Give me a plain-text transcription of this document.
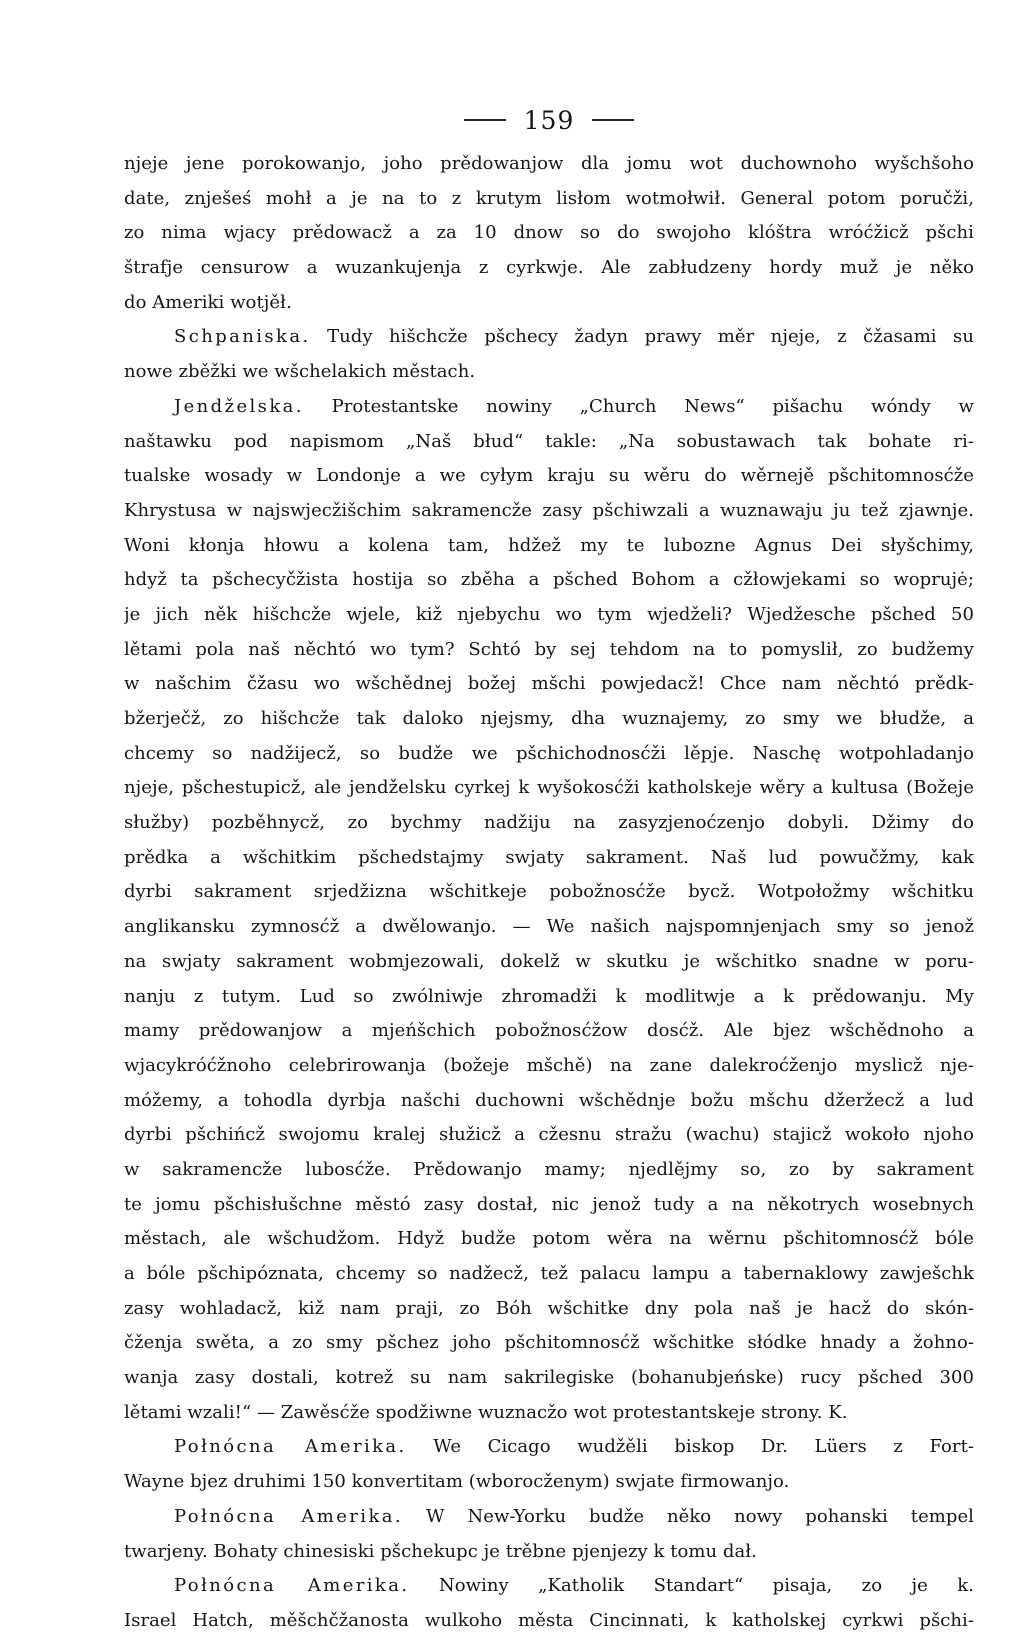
159
njeje jene porokowanjo, joho prědowanjow dla jomu wot duchownoho wyšchšoho
date, znješeś mohł a je na to z krutym lisłom wotmołwił. General potom poručži,
zo nima wjacy prědowacž a za 10 dnow so do swojoho klóštra wróćžicž pšchi
štrafje censurow a wuzankujenja z cyrkwje. Ale zabłudzeny hordy muž je něko
do Ameriki wotjěł.
Schpaniska. Tudy hišchcže pšchecy žadyn prawy měr njeje, z čžasami su
nowe zběžki we wšchelakich městach.
Jendželska. Protestantske nowiny „Church News“ pišachu wóndy w
naštawku pod napismom „Naš błud“ takle: „Na sobustawach tak bohate ri-
tualske wosady w Londonje a we cyłym kraju su wěru do wěrnejě pšchitomnosćže
Khrystusa w najswjecžišchim sakramencže zasy pšchiwzali a wuznawaju ju tež zjawnje.
Woni kłonja hłowu a kolena tam, hdžež my te lubozne Agnus Dei słyšchimy,
hdyž ta pšchecyčžista hostija so zběha a pšched Bohom a cžłowjekami so woprujė;
je jich něk hišchcže wjele, kiž njebychu wo tym wjedželi? Wjedžesche pšched 50
lětami pola naš něchtó wo tym? Schtó by sej tehdom na to pomyslił, zo budžemy
w našchim čžasu wo wšchědnej božej mšchi powjedacž! Chce nam něchtó prědk-
bžerječž, zo hišchcže tak daloko njejsmy, dha wuznajemy, zo smy we błudže, a
chcemy so nadžijecž, so budže we pšchichodnosćži lěpje. Naschę wotpohladanjo
njeje, pšchestupicž, ale jendželsku cyrkej k wyšokosćži katholskeje wěry a kultusa (Božeje
słužby) pozběhnycž, zo bychmy nadžiju na zasyzjenoćzenjo dobyli. Džimy do
prědka a wšchitkim pšchedstajmy swjaty sakrament. Naš lud powučžmy, kak
dyrbi sakrament srjedžizna wšchitkeje pobožnosćže bycž. Wotpołožmy wšchitku
anglikansku zymnosćž a dwělowanjo. — We našich najspomnjenjach smy so jenož
na swjaty sakrament wobmjezowali, dokelž w skutku je wšchitko snadne w poru-
nanju z tutym. Lud so zwólniwje zhromadži k modlitwje a k prědowanju. My
mamy prědowanjow a mjeńšchich pobožnosćžow dosćž. Ale bjez wšchědnoho a
wjacykróćžnoho celebrirowanja (božeje mšchě) na zane dalekroćženjo myslicž nje-
móžemy, a tohodla dyrbja našchi duchowni wšchědnje božu mšchu džeržecž a lud
dyrbi pšchińcž swojomu kralej słužicž a cžesnu stražu (wachu) stajicž wokoło njoho
w sakramencže lubosćže. Prědowanjo mamy; njedlějmy so, zo by sakrament
te jomu pšchisłušchne městó zasy dostał, nic jenož tudy a na někotrych wosebnych
městach, ale wšchudžom. Hdyž budže potom wěra na wěrnu pšchitomnosćž bóle
a bóle pšchipóznata, chcemy so nadžecž, tež palacu lampu a tabernaklowy zawješchk
zasy wohladacž, kiž nam praji, zo Bóh wšchitke dny pola naš je hacž do skón-
čženja swěta, a zo smy pšchez joho pšchitomnosćž wšchitke słódke hnady a žohno-
wanja zasy dostali, kotrež su nam sakrilegiske (bohanubjeńske) rucy pšched 300
lětami wzali!“ — Zawěsćže spodžiwne wuznacžo wot protestantskeje strony. K.
Połnócna Amerika. We Cicago wudžěli biskop Dr. Lüers z Fort-
Wayne bjez druhimi 150 konvertitam (wborocženym) swjate firmowanjo.
Połnócna Amerika. W New-Yorku budže něko nowy pohanski tempel
twarjeny. Bohaty chinesiski pšchekupc je trěbne pjenjezy k tomu dał.
Połnócna Amerika. Nowiny „Katholik Standart“ pisaja, zo je k.
Israel Hatch, měšchčžanosta wulkoho města Cincinnati, k katholskej cyrkwi pšchi-
